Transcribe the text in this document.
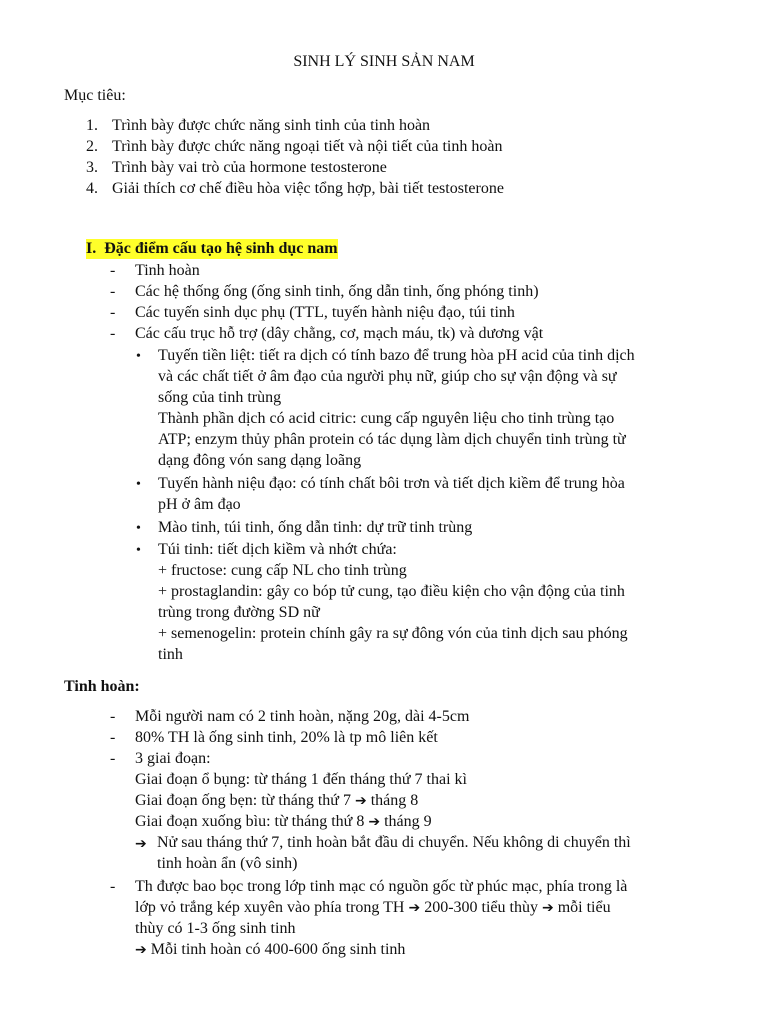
SINH LÝ SINH SẢN NAM
Mục tiêu:
1. Trình bày được chức năng sinh tinh của tinh hoàn
2. Trình bày được chức năng ngoại tiết và nội tiết của tinh hoàn
3. Trình bày vai trò của hormone testosterone
4. Giải thích cơ chế điều hòa việc tổng hợp, bài tiết testosterone
I. Đặc điểm cấu tạo hệ sinh dục nam
- Tinh hoàn
- Các hệ thống ống (ống sinh tinh, ống dẫn tinh, ống phóng tinh)
- Các tuyến sinh dục phụ (TTL, tuyến hành niệu đạo, túi tinh
- Các cấu trục hỗ trợ (dây chằng, cơ, mạch máu, tk) và dương vật
• Tuyến tiền liệt: tiết ra dịch có tính bazo để trung hòa pH acid của tinh dịch
và các chất tiết ở âm đạo của người phụ nữ, giúp cho sự vận động và sự
sống của tinh trùng
Thành phần dịch có acid citric: cung cấp nguyên liệu cho tinh trùng tạo
ATP; enzym thủy phân protein có tác dụng làm dịch chuyển tinh trùng từ
dạng đông vón sang dạng loãng
• Tuyến hành niệu đạo: có tính chất bôi trơn và tiết dịch kiềm để trung hòa
pH ở âm đạo
• Mào tinh, túi tinh, ống dẫn tinh: dự trữ tinh trùng
• Túi tinh: tiết dịch kiềm và nhớt chứa:
+ fructose: cung cấp NL cho tinh trùng
+ prostaglandin: gây co bóp tử cung, tạo điều kiện cho vận động của tinh
trùng trong đường SD nữ
+ semenogelin: protein chính gây ra sự đông vón của tinh dịch sau phóng
tinh
Tinh hoàn:
- Mỗi người nam có 2 tinh hoàn, nặng 20g, dài 4-5cm
- 80% TH là ống sinh tinh, 20% là tp mô liên kết
- 3 giai đoạn:
Giai đoạn ổ bụng: từ tháng 1 đến tháng thứ 7 thai kì
Giai đoạn ống bẹn: từ tháng thứ 7 ➔ tháng 8
Giai đoạn xuống bìu: từ tháng thứ 8 ➔ tháng 9
➔ Nử sau tháng thứ 7, tinh hoàn bắt đầu di chuyển. Nếu không di chuyển thì
tinh hoàn ẩn (vô sinh)
- Th được bao bọc trong lớp tinh mạc có nguồn gốc từ phúc mạc, phía trong là
lớp vỏ trắng kép xuyên vào phía trong TH ➔ 200-300 tiểu thùy ➔ mỗi tiểu
thùy có 1-3 ống sinh tinh
➔ Mỗi tinh hoàn có 400-600 ống sinh tinh
